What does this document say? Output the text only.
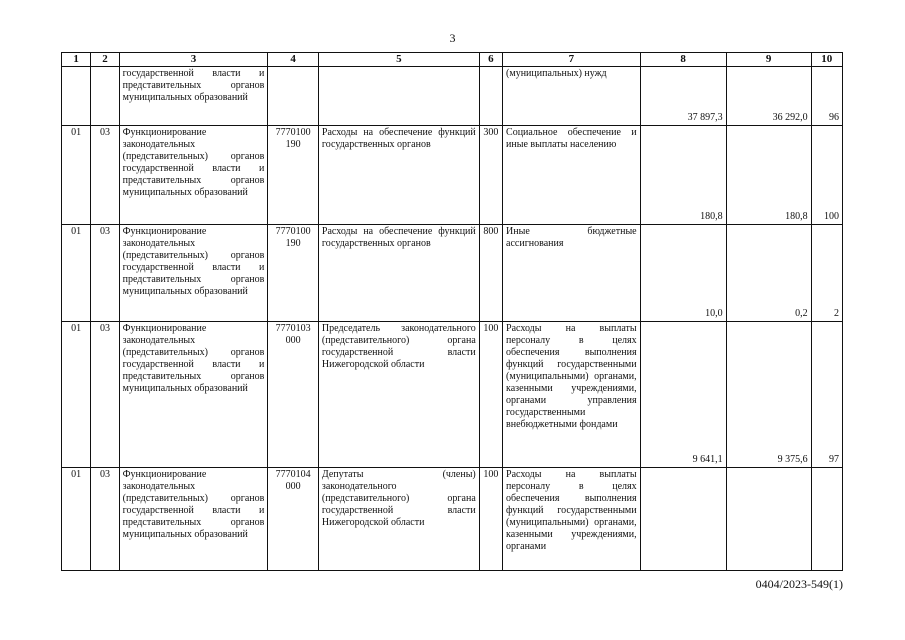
3
1	2	3	4	5	6	7	8	9	10
		государственной власти и представительных органов муниципальных образований				(муниципальных) нужд	37 897,3	36 292,0	96
01	03	Функционирование законодательных (представительных) органов государственной власти и представительных органов муниципальных образований	7770100 190	Расходы на обеспечение функций государственных органов	300	Социальное обеспечение и иные выплаты населению	180,8	180,8	100
01	03	Функционирование законодательных (представительных) органов государственной власти и представительных органов муниципальных образований	7770100 190	Расходы на обеспечение функций государственных органов	800	Иные бюджетные ассигнования	10,0	0,2	2
01	03	Функционирование законодательных (представительных) органов государственной власти и представительных органов муниципальных образований	7770103 000	Председатель законодательного (представительного) органа государственной власти Нижегородской области	100	Расходы на выплаты персоналу в целях обеспечения выполнения функций государственными (муниципальными) органами, казенными учреждениями, органами управления государственными внебюджетными фондами	9 641,1	9 375,6	97
01	03	Функционирование законодательных (представительных) органов государственной власти и представительных органов муниципальных образований	7770104 000	Депутаты (члены) законодательного (представительного) органа государственной власти Нижегородской области	100	Расходы на выплаты персоналу в целях обеспечения выполнения функций государственными (муниципальными) органами, казенными учреждениями, органами			
0404/2023-549(1)
